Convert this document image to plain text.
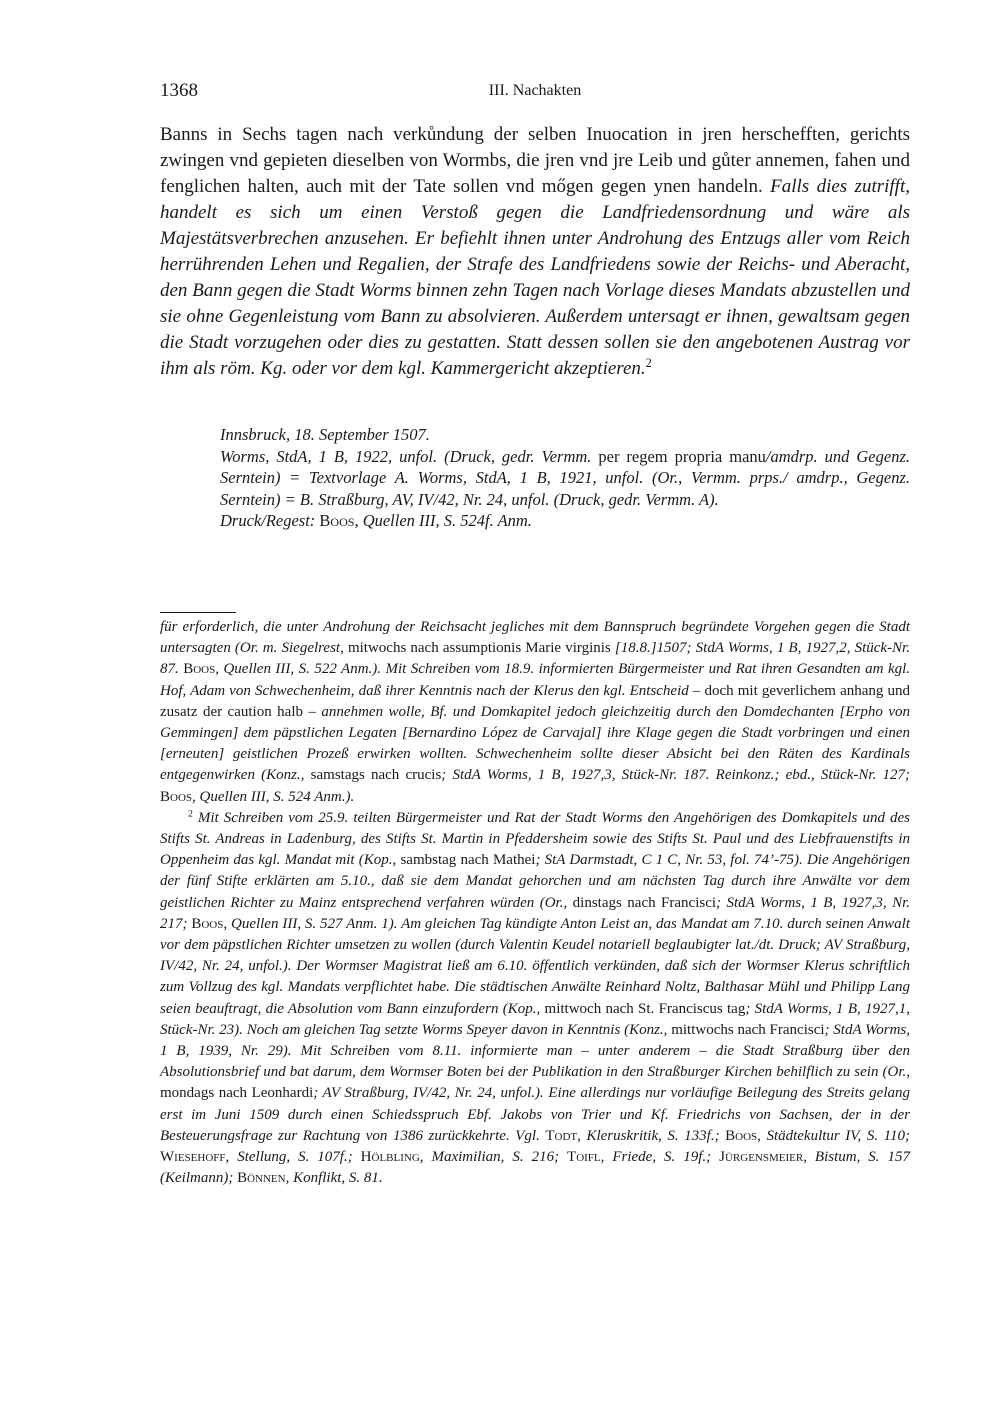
1368	III. Nachakten
Banns in Sechs tagen nach verkůndung der selben Inuocation in jren herschefften, gerichts zwingen vnd gepieten dieselben von Wormbs, die jren vnd jre Leib und gůter annemen, fahen und fenglichen halten, auch mit der Tate sollen vnd mőgen gegen ynen handeln. Falls dies zutrifft, handelt es sich um einen Verstoß gegen die Landfriedensordnung und wäre als Majestätsverbrechen anzusehen. Er befiehlt ihnen unter Androhung des Entzugs aller vom Reich herrührenden Lehen und Regalien, der Strafe des Landfriedens sowie der Reichs- und Aberacht, den Bann gegen die Stadt Worms binnen zehn Tagen nach Vorlage dieses Mandats abzustellen und sie ohne Gegenleistung vom Bann zu absolvieren. Außerdem untersagt er ihnen, gewaltsam gegen die Stadt vorzugehen oder dies zu gestatten. Statt dessen sollen sie den angebotenen Austrag vor ihm als röm. Kg. oder vor dem kgl. Kammergericht akzeptieren.$^2$

Innsbruck, 18. September 1507.

Worms, StdA, 1 B, 1922, unfol. (Druck, gedr. Vermm. per regem propria manu/amdrp. und Gegenz. Serntein) = Textvorlage A. Worms, StdA, 1 B, 1921, unfol. (Or., Vermm. prps./ amdrp., Gegenz. Serntein) = B. Straßburg, AV, IV/42, Nr. 24, unfol. (Druck, gedr. Vermm. A).

Druck/Regest: Boos, Quellen III, S. 524f. Anm.

für erforderlich, die unter Androhung der Reichsacht jegliches mit dem Bannspruch begründete Vorgehen gegen die Stadt untersagten (Or. m. Siegelrest, mitwochs nach assumptionis Marie virginis [18.8.]1507; StdA Worms, 1 B, 1927,2, Stück-Nr. 87. Boos, Quellen III, S. 522 Anm.). Mit Schreiben vom 18.9. informierten Bürgermeister und Rat ihren Gesandten am kgl. Hof, Adam von Schwechenheim, daß ihrer Kenntnis nach der Klerus den kgl. Entscheid – doch mit geverlichem anhang und zusatz der caution halb – annehmen wolle, Bf. und Domkapitel jedoch gleichzeitig durch den Domdechanten [Erpho von Gemmingen] dem päpstlichen Legaten [Bernardino López de Carvajal] ihre Klage gegen die Stadt vorbringen und einen [erneuten] geistlichen Prozeß erwirken wollten. Schwechenheim sollte dieser Absicht bei den Räten des Kardinals entgegenwirken (Konz., samstags nach crucis; StdA Worms, 1 B, 1927,3, Stück-Nr. 187. Reinkonz.; ebd., Stück-Nr. 127; Boos, Quellen III, S. 524 Anm.).

$^2$ Mit Schreiben vom 25.9. teilten Bürgermeister und Rat der Stadt Worms den Angehörigen des Domkapitels und des Stifts St. Andreas in Ladenburg, des Stifts St. Martin in Pfeddersheim sowie des Stifts St. Paul und des Liebfrauenstifts in Oppenheim das kgl. Mandat mit (Kop., sambstag nach Mathei; StA Darmstadt, C 1 C, Nr. 53, fol. 74’-75). Die Angehörigen der fünf Stifte erklärten am 5.10., daß sie dem Mandat gehorchen und am nächsten Tag durch ihre Anwälte vor dem geistlichen Richter zu Mainz entsprechend verfahren würden (Or., dinstags nach Francisci; StdA Worms, 1 B, 1927,3, Nr. 217; Boos, Quellen III, S. 527 Anm. 1). Am gleichen Tag kündigte Anton Leist an, das Mandat am 7.10. durch seinen Anwalt vor dem päpstlichen Richter umsetzen zu wollen (durch Valentin Keudel notariell beglaubigter lat./dt. Druck; AV Straßburg, IV/42, Nr. 24, unfol.). Der Wormser Magistrat ließ am 6.10. öffentlich verkünden, daß sich der Wormser Klerus schriftlich zum Vollzug des kgl. Mandats verpflichtet habe. Die städtischen Anwälte Reinhard Noltz, Balthasar Mühl und Philipp Lang seien beauftragt, die Absolution vom Bann einzufordern (Kop., mittwoch nach St. Franciscus tag; StdA Worms, 1 B, 1927,1, Stück-Nr. 23). Noch am gleichen Tag setzte Worms Speyer davon in Kenntnis (Konz., mittwochs nach Francisci; StdA Worms, 1 B, 1939, Nr. 29). Mit Schreiben vom 8.11. informierte man – unter anderem – die Stadt Straßburg über den Absolutionsbrief und bat darum, dem Wormser Boten bei der Publikation in den Straßburger Kirchen behilflich zu sein (Or., mondags nach Leonhardi; AV Straßburg, IV/42, Nr. 24, unfol.). Eine allerdings nur vorläufige Beilegung des Streits gelang erst im Juni 1509 durch einen Schiedsspruch Ebf. Jakobs von Trier und Kf. Friedrichs von Sachsen, der in der Besteuerungsfrage zur Rachtung von 1386 zurückkehrte. Vgl. Todt, Kleruskritik, S. 133f.; Boos, Städtekultur IV, S. 110; Wiesehoff, Stellung, S. 107f.; Hölbling, Maximilian, S. 216; Toifl, Friede, S. 19f.; Jürgensmeier, Bistum, S. 157 (Keilmann); Bönnen, Konflikt, S. 81.
